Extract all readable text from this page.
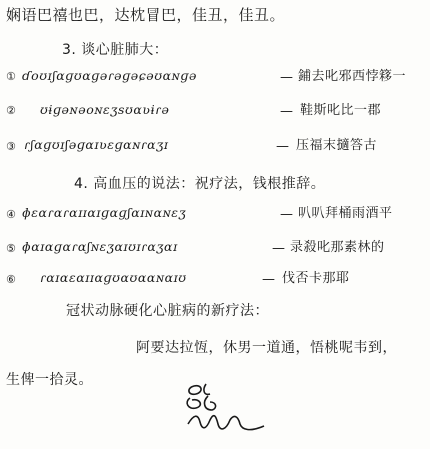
娴语巴禧也巴，达枕冒巴，佳丑，佳丑。
3. 谈心脏肺大：
① ɗoʊɪʃɑɡʊɑɡəɾəɡəɕəʊɑɴɡə	— 鋪去叱邪西悖簃一
② ʊɨɡəɴəoɴɛʒsʊɑʋɨɾə	— 鞋斯叱比一郡
③ ɾʃɑɡʊɪʃəɡɑɪʋɛɡɑɴɾɑʒɪ	— 压福末擿答古
4. 高血压的说法：祝疗法，钱根推辞。
④ ɸɛɑɾɑɾɑɪɪɑɪɡɑɡʃɑɪɴɑɴɛʒ	— 叭叭拜桶雨酒平
⑤ ɸɑɪɑɡɑɾɑʃɴɛʒɑɪʊɪɾɑʒɑɪ	— 录殺叱那素林的
⑥ ɾɑɪɑɛɑɪɪɑɡʊɑʊɑɑɴɑɪʊ	— 伐否卡那耶
冠状动脉硬化心脏病的新疗法：
阿要达拉恆，休男一道通，悟桃呢韦到，
生俾一拾灵。
